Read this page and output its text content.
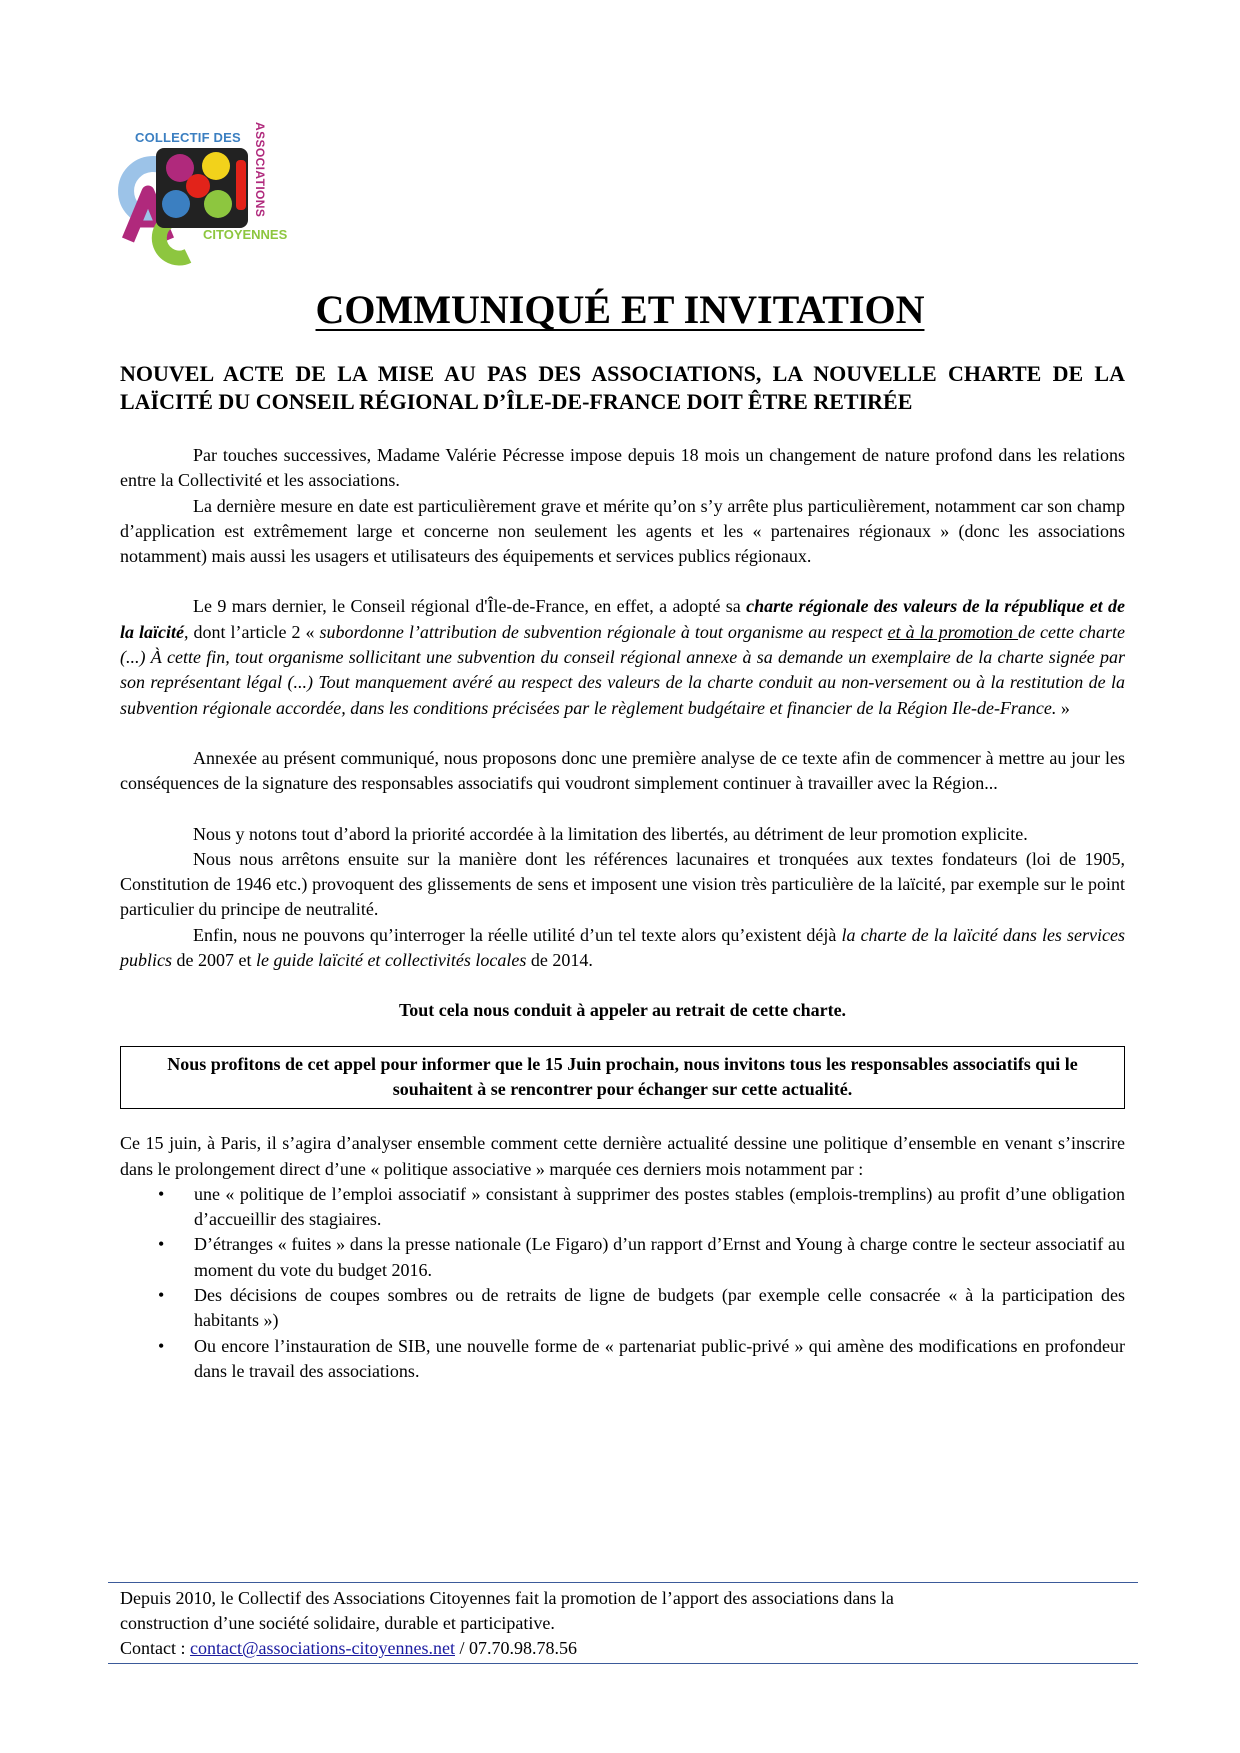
COLLECTIF DES ASSOCIATIONS
CITOYENNES
COMMUNIQUÉ ET INVITATION
NOUVEL ACTE DE LA MISE AU PAS DES ASSOCIATIONS, LA NOUVELLE CHARTE DE LA LAÏCITÉ DU CONSEIL RÉGIONAL D’ÎLE-DE-FRANCE DOIT ÊTRE RETIRÉE

Par touches successives, Madame Valérie Pécresse impose depuis 18 mois un changement de nature profond dans les relations entre la Collectivité et les associations.

La dernière mesure en date est particulièrement grave et mérite qu’on s’y arrête plus particulièrement, notamment car son champ d’application est extrêmement large et concerne non seulement les agents et les « partenaires régionaux » (donc les associations notamment) mais aussi les usagers et utilisateurs des équipements et services publics régionaux.

Le 9 mars dernier, le Conseil régional d'Île-de-France, en effet, a adopté sa charte régionale des valeurs de la république et de la laïcité, dont l’article 2 « subordonne l’attribution de subvention régionale à tout organisme au respect et à la promotion de cette charte (...) À cette fin, tout organisme sollicitant une subvention du conseil régional annexe à sa demande un exemplaire de la charte signée par son représentant légal (...) Tout manquement avéré au respect des valeurs de la charte conduit au non-versement ou à la restitution de la subvention régionale accordée, dans les conditions précisées par le règlement budgétaire et financier de la Région Ile-de-France. »

Annexée au présent communiqué, nous proposons donc une première analyse de ce texte afin de commencer à mettre au jour les conséquences de la signature des responsables associatifs qui voudront simplement continuer à travailler avec la Région...

Nous y notons tout d’abord la priorité accordée à la limitation des libertés, au détriment de leur promotion explicite.

Nous nous arrêtons ensuite sur la manière dont les références lacunaires et tronquées aux textes fondateurs (loi de 1905, Constitution de 1946 etc.) provoquent des glissements de sens et imposent une vision très particulière de la laïcité, par exemple sur le point particulier du principe de neutralité.

Enfin, nous ne pouvons qu’interroger la réelle utilité d’un tel texte alors qu’existent déjà la charte de la laïcité dans les services publics de 2007 et le guide laïcité et collectivités locales de 2014.

Tout cela nous conduit à appeler au retrait de cette charte.

Nous profitons de cet appel pour informer que le 15 Juin prochain, nous invitons tous les responsables associatifs qui le souhaitent à se rencontrer pour échanger sur cette actualité.

Ce 15 juin, à Paris, il s’agira d’analyser ensemble comment cette dernière actualité dessine une politique d’ensemble en venant s’inscrire dans le prolongement direct d’une « politique associative » marquée ces derniers mois notamment par :

• une « politique de l’emploi associatif » consistant à supprimer des postes stables (emplois-tremplins) au profit d’une obligation d’accueillir des stagiaires.
• D’étranges « fuites » dans la presse nationale (Le Figaro) d’un rapport d’Ernst and Young à charge contre le secteur associatif au moment du vote du budget 2016.
• Des décisions de coupes sombres ou de retraits de ligne de budgets (par exemple celle consacrée « à la participation des habitants »)
• Ou encore l’instauration de SIB, une nouvelle forme de « partenariat public-privé » qui amène des modifications en profondeur dans le travail des associations.
Depuis 2010, le Collectif des Associations Citoyennes fait la promotion de l’apport des associations dans la
construction d’une société solidaire, durable et participative.
Contact : contact@associations-citoyennes.net / 07.70.98.78.56
